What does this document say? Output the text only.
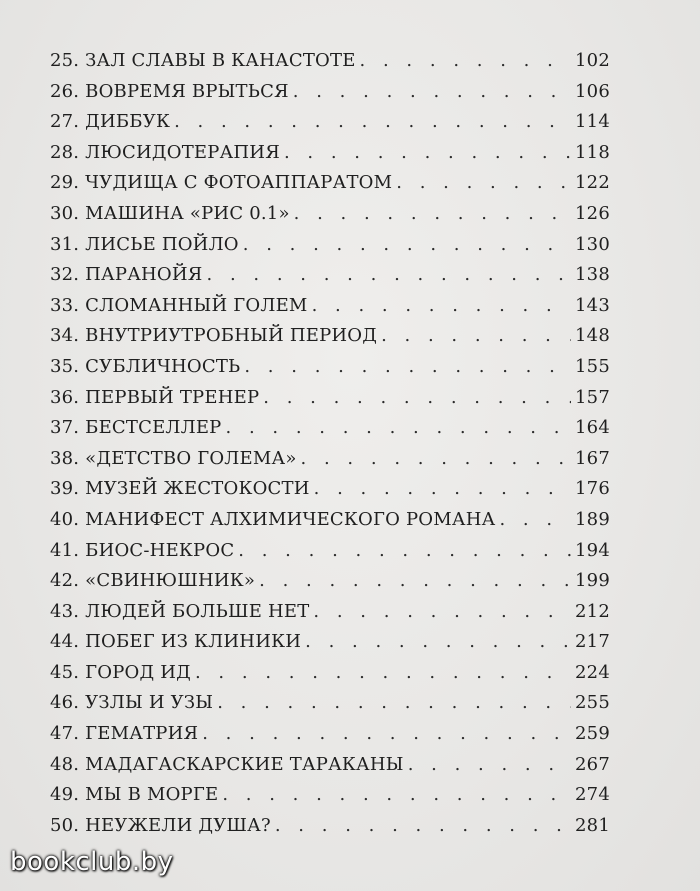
25. ЗАЛ СЛАВЫ В КАНАСТОТЕ . . .	102
26. ВОВРЕМЯ ВРЫТЬСЯ . . .	106
27. ДИББУК . . .	114
28. ЛЮСИДОТЕРАПИЯ . . .	118
29. ЧУДИЩА С ФОТОАППАРАТОМ . . .	122
30. МАШИНА «РИС 0.1» . . .	126
31. ЛИСЬЕ ПОЙЛО . . .	130
32. ПАРАНОЙЯ . . .	138
33. СЛОМАННЫЙ ГОЛЕМ . . .	143
34. ВНУТРИУТРОБНЫЙ ПЕРИОД . . .	148
35. СУБЛИЧНОСТЬ . . .	155
36. ПЕРВЫЙ ТРЕНЕР . . .	157
37. БЕСТСЕЛЛЕР . . .	164
38. «ДЕТСТВО ГОЛЕМА» . . .	167
39. МУЗЕЙ ЖЕСТОКОСТИ . . .	176
40. МАНИФЕСТ АЛХИМИЧЕСКОГО РОМАНА . . .	189
41. БИОС-НЕКРОС . . .	194
42. «СВИНЮШНИК» . . .	199
43. ЛЮДЕЙ БОЛЬШЕ НЕТ . . .	212
44. ПОБЕГ ИЗ КЛИНИКИ . . .	217
45. ГОРОД ИД . . .	224
46. УЗЛЫ И УЗЫ . . .	255
47. ГЕМАТРИЯ . . .	259
48. МАДАГАСКАРСКИЕ ТАРАКАНЫ . . .	267
49. МЫ В МОРГЕ . . .	274
50. НЕУЖЕЛИ ДУША? . . .	281
bookclub.by
